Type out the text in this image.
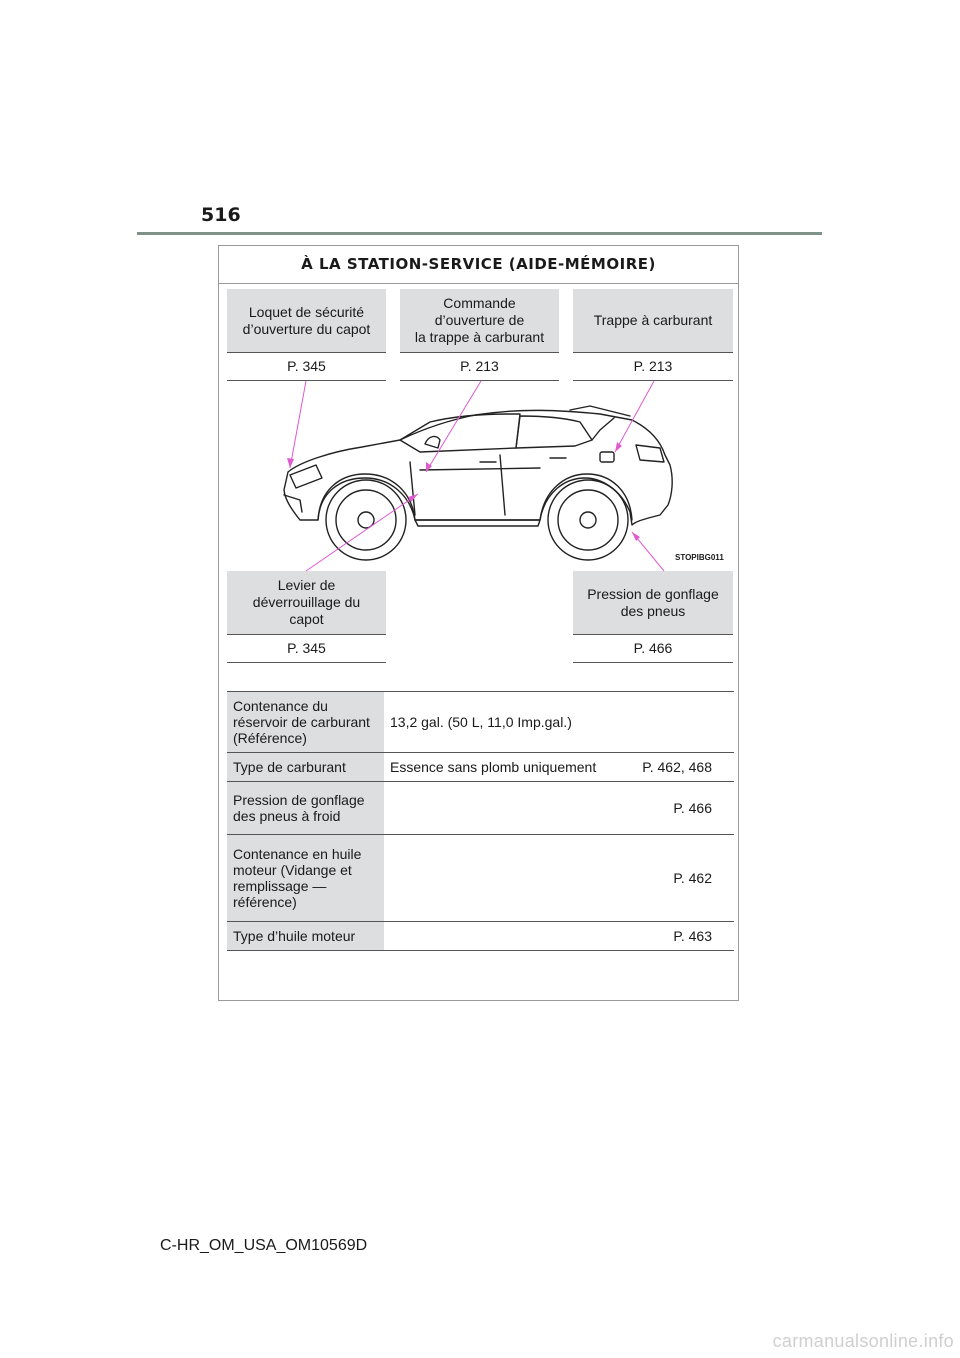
516
À LA STATION-SERVICE (AIDE-MÉMOIRE)
Loquet de sécurité
d’ouverture du capot
P. 345
Commande
d’ouverture de
la trappe à carburant
P. 213
Trappe à carburant
P. 213
Levier de
déverrouillage du
capot
P. 345
Pression de gonflage
des pneus
P. 466
STOPIBG011
Contenance du réservoir de carburant (Référence)	13,2 gal. (50 L, 11,0 Imp.gal.)
Type de carburant	Essence sans plomb uniquement P. 462, 468

Pression de gonflage des pneus à froid	P. 466
Contenance en huile moteur (Vidange et remplissage — référence)	P. 462
Type d’huile moteur	P. 463
C-HR_OM_USA_OM10569D
carmanualsonline.info
